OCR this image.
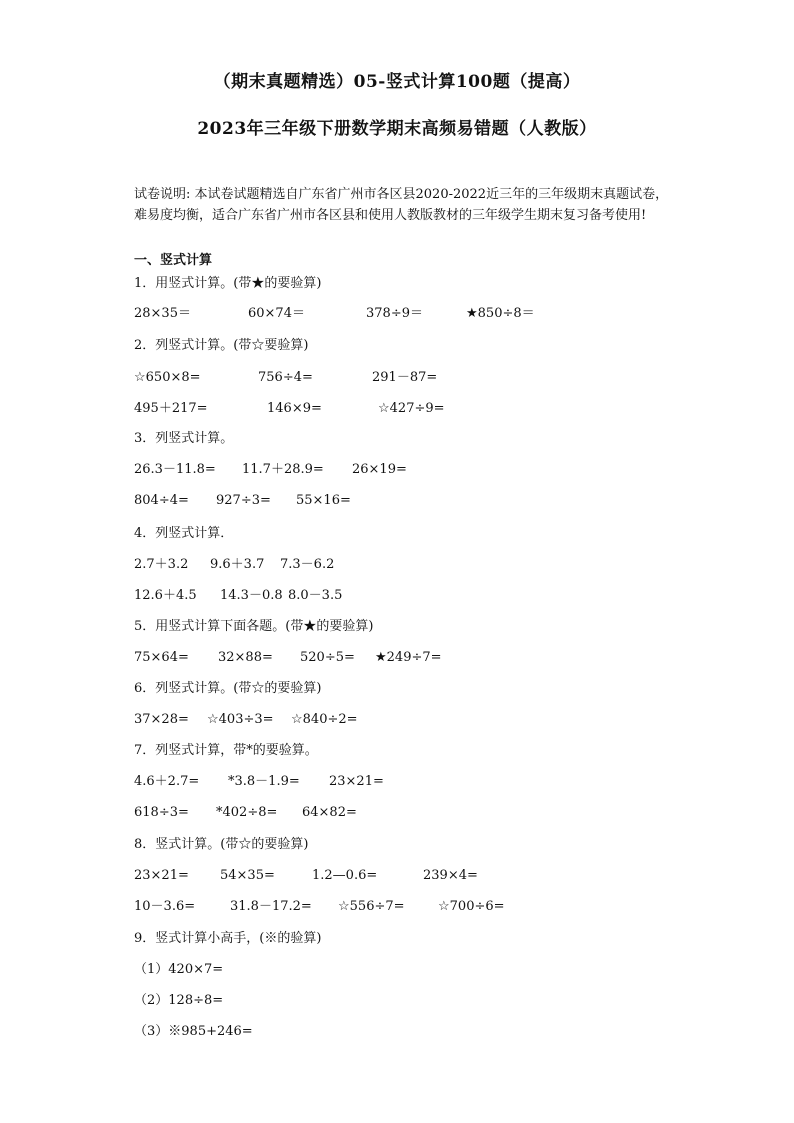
（期末真题精选）05-竖式计算100题（提高）
2023年三年级下册数学期末高频易错题（人教版）
试卷说明: 本试卷试题精选自广东省广州市各区县2020-2022近三年的三年级期末真题试卷，难易度均衡，适合广东省广州市各区县和使用人教版教材的三年级学生期末复习备考使用!
一、竖式计算
1．用竖式计算。(带★的要验算)
28×35＝	60×74＝	378÷9＝	★850÷8＝
2．列竖式计算。(带☆要验算)
☆650×8=	756÷4=	291－87=
495＋217=	146×9=	☆427÷9=
3．列竖式计算。
26.3－11.8= 11.7＋28.9= 26×19=
804÷4= 927÷3= 55×16=
4．列竖式计算．
2.7＋3.2 9.6＋3.7 7.3－6.2
12.6＋4.5 14.3－0.8 8.0－3.5
5．用竖式计算下面各题。(带★的要验算)
75×64= 32×88= 520÷5= ★249÷7=
6．列竖式计算。(带☆的要验算)
37×28= ☆403÷3= ☆840÷2=
7．列竖式计算，带*的要验算。
4.6＋2.7= *3.8－1.9= 23×21=
618÷3= *402÷8= 64×82=
8．竖式计算。(带☆的要验算)
23×21= 54×35=	1.2—0.6=	239×4=
10－3.6=	31.8－17.2= ☆556÷7=	☆700÷6=
9．竖式计算小高手，(※的验算)
（1）420×7=
（2）128÷8=
（3）※985+246=
